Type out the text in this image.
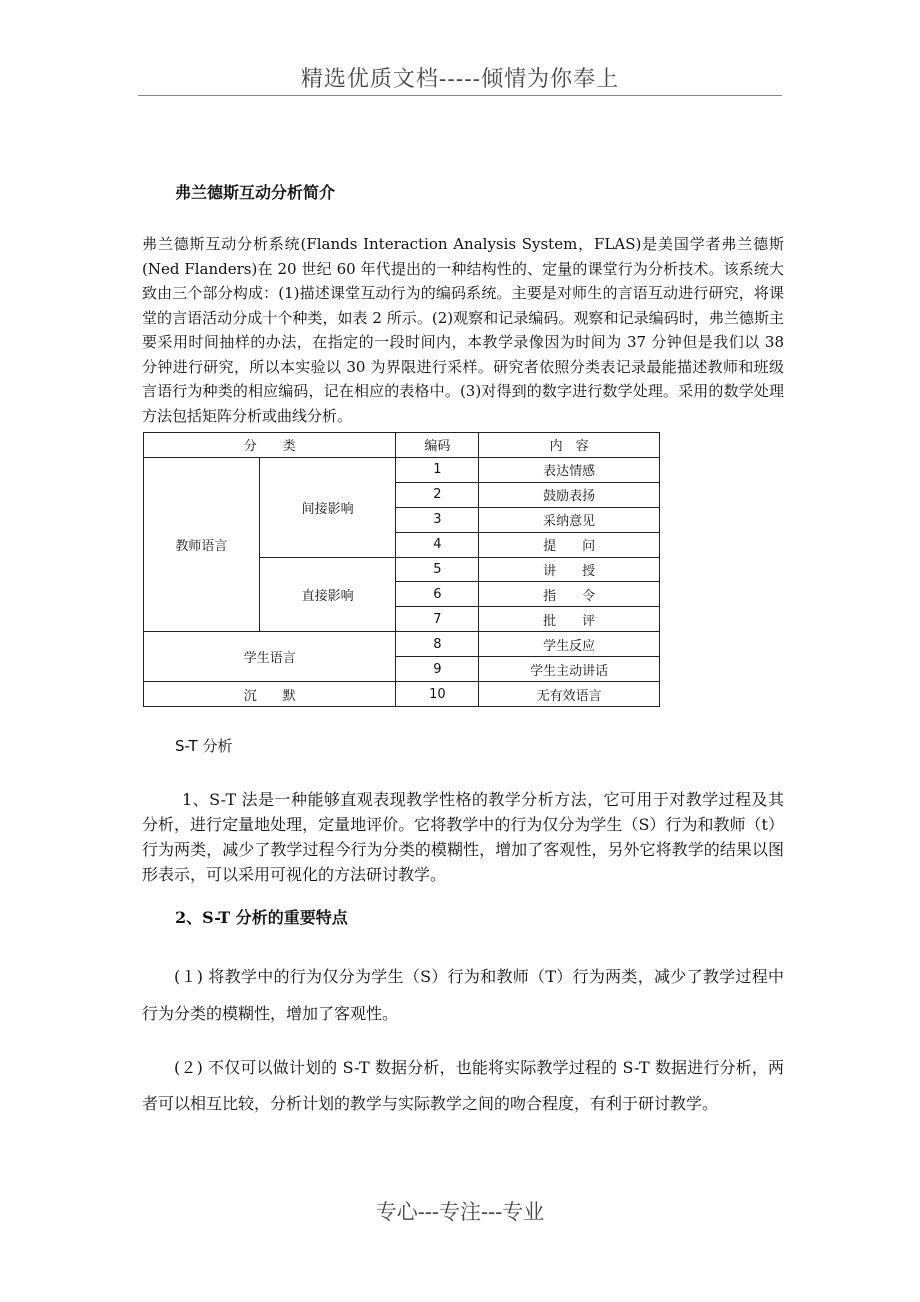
精选优质文档-----倾情为你奉上
弗兰德斯互动分析简介
弗兰德斯互动分析系统(Flands Interaction Analysis System，FLAS)是美国学者弗兰德斯(Ned Flanders)在 20 世纪 60 年代提出的一种结构性的、定量的课堂行为分析技术。该系统大致由三个部分构成：(1)描述课堂互动行为的编码系统。主要是对师生的言语互动进行研究，将课堂的言语活动分成十个种类，如表 2 所示。(2)观察和记录编码。观察和记录编码时，弗兰德斯主要采用时间抽样的办法，在指定的一段时间内，本教学录像因为时间为 37 分钟但是我们以 38 分钟进行研究，所以本实验以 30 为界限进行采样。研究者依照分类表记录最能描述教师和班级言语行为种类的相应编码，记在相应的表格中。(3)对得到的数字进行数学处理。采用的数学处理方法包括矩阵分析或曲线分析。
分　　类		编码	内　容
教师语言	间接影响	1	表达情感
		2	鼓励表扬
		3	采纳意见
		4	提　　问
	直接影响	5	讲　　授
		6	指　　令
		7	批　　评
学生语言		8	学生反应
		9	学生主动讲话
沉　　默		10	无有效语言
S-T 分析
1、S-T 法是一种能够直观表现教学性格的教学分析方法，它可用于对教学过程及其分析，进行定量地处理，定量地评价。它将教学中的行为仅分为学生（S）行为和教师（t）行为两类，减少了教学过程今行为分类的模糊性，增加了客观性，另外它将教学的结果以图形表示，可以采用可视化的方法研讨教学。
2、S-T 分析的重要特点
(１) 将教学中的行为仅分为学生（S）行为和教师（T）行为两类，减少了教学过程中行为分类的模糊性，增加了客观性。
(２) 不仅可以做计划的 S-T 数据分析，也能将实际教学过程的 S-T 数据进行分析，两者可以相互比较，分析计划的教学与实际教学之间的吻合程度，有利于研讨教学。
专心---专注---专业
